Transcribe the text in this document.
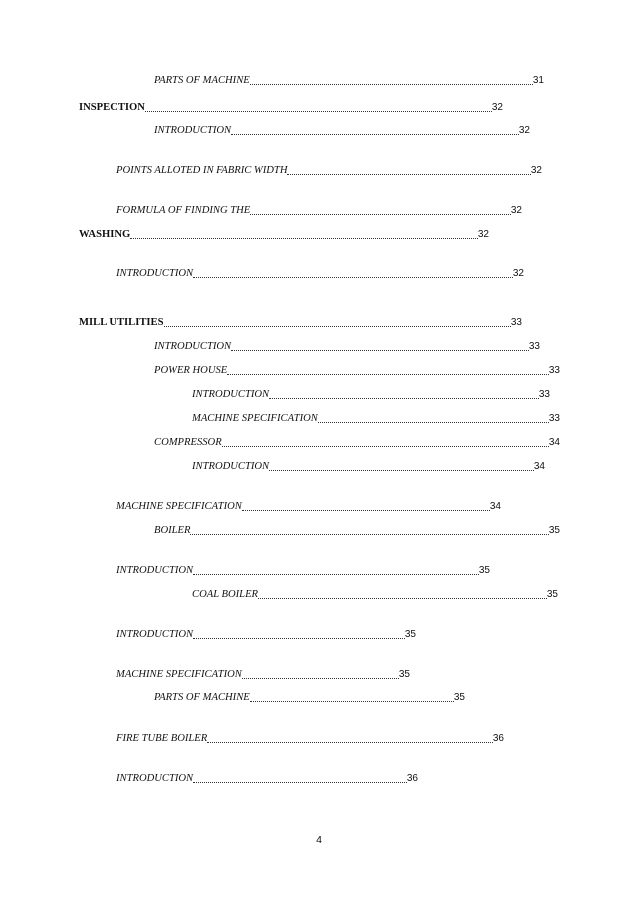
PARTS OF MACHINE	31
INSPECTION	32
INTRODUCTION	32
POINTS ALLOTED IN FABRIC WIDTH	32
FORMULA OF FINDING THE	32
WASHING	32
INTRODUCTION	32
MILL UTILITIES	33
INTRODUCTION	33
POWER HOUSE	33
INTRODUCTION	33
MACHINE SPECIFICATION	33
COMPRESSOR	34
INTRODUCTION	34
MACHINE SPECIFICATION	34
BOILER	35
INTRODUCTION	35
COAL BOILER	35
INTRODUCTION	35
MACHINE SPECIFICATION	35
PARTS OF MACHINE	35
FIRE TUBE BOILER	36
INTRODUCTION	36
4
